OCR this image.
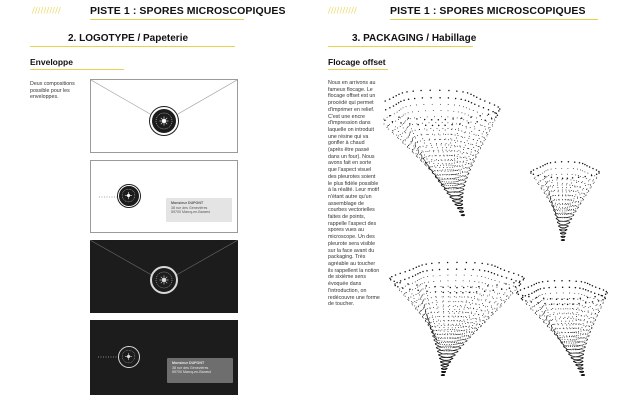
//////////	PISTE 1 : SPORES MICROSCOPIQUES
2. LOGOTYPE / Papeterie
Enveloppe
Deux compositions possible pour les enveloppes.
Monsieur DUPONT
38 rue des Genevières
59700 Marcq-en-Barœul
Monsieur DUPONT
38 rue des Genevières
59700 Marcq-en-Barœul
//////////	PISTE 1 : SPORES MICROSCOPIQUES
3. PACKAGING / Habillage
Flocage offset
Nous en arrivons au fameux flocage. Le flocage offset est un procédé qui permet d'imprimer en relief. C'est une encre d'impression dans laquelle on introduit une résine qui va gonfler à chaud (après être passé dans un four). Nous avons fait en sorte que l'aspect visuel des pleurotes soient le plus fidèle possible à la réalité. Leur motif n'étant autre qu'un assemblage de courbes vectorielles faites de points, rappelle l'aspect des spores vues au microscope. Un des pleurote sera visible sur la face avant du packaging. Très agréable au toucher ils rappellent la notion de sixième sens évoquée dans l'introduction, on redécouvre une forme de toucher.
